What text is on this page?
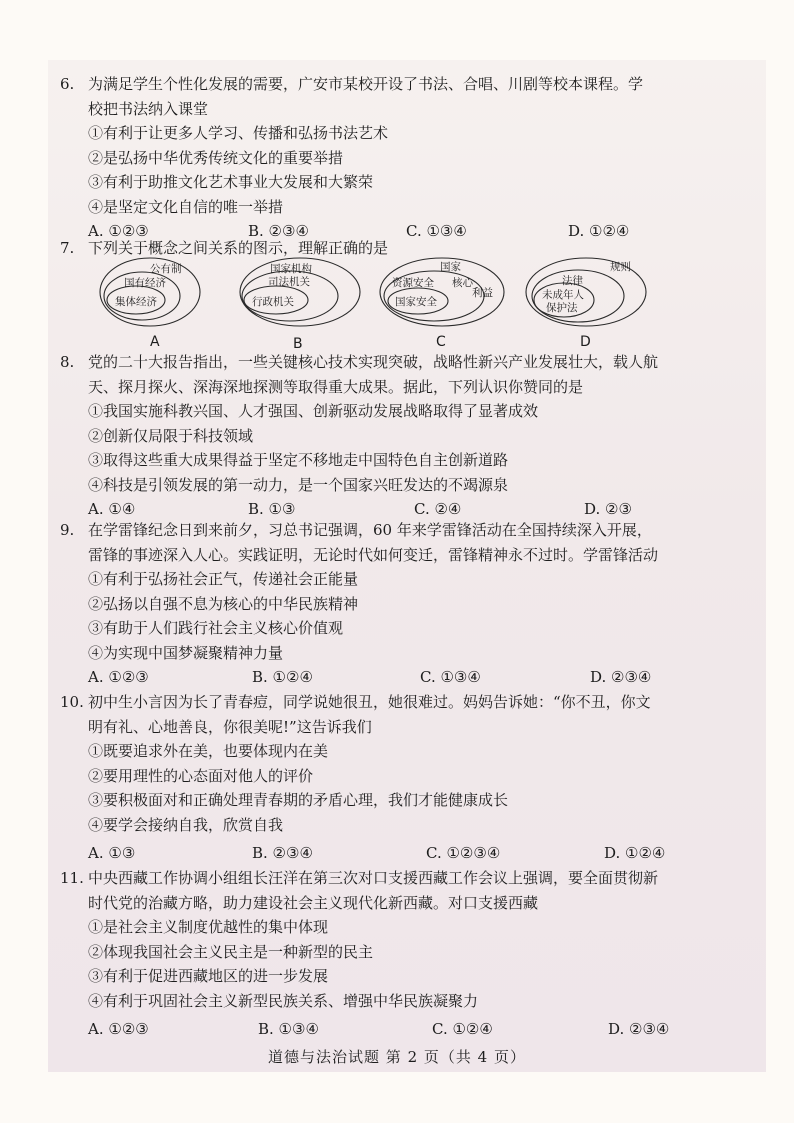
6. 为满足学生个性化发展的需要，广安市某校开设了书法、合唱、川剧等校本课程。学
校把书法纳入课堂
①有利于让更多人学习、传播和弘扬书法艺术
②是弘扬中华优秀传统文化的重要举措
③有利于助推文化艺术事业大发展和大繁荣
④是坚定文化自信的唯一举措
A. ①②③	B. ②③④	C. ①③④	D. ①②④
7. 下列关于概念之间关系的图示，理解正确的是
公有制
国有经济
集体经济
国家机构
司法机关
行政机关
国家
资源安全 核心
利益
国家安全
规则
法律
未成年人
保护法
A	B	C	D
8. 党的二十大报告指出，一些关键核心技术实现突破，战略性新兴产业发展壮大，载人航
天、探月探火、深海深地探测等取得重大成果。据此，下列认识你赞同的是
①我国实施科教兴国、人才强国、创新驱动发展战略取得了显著成效
②创新仅局限于科技领域
③取得这些重大成果得益于坚定不移地走中国特色自主创新道路
④科技是引领发展的第一动力，是一个国家兴旺发达的不竭源泉
A. ①④	B. ①③	C. ②④	D. ②③
9. 在学雷锋纪念日到来前夕，习总书记强调，60 年来学雷锋活动在全国持续深入开展，
雷锋的事迹深入人心。实践证明，无论时代如何变迁，雷锋精神永不过时。学雷锋活动
①有利于弘扬社会正气，传递社会正能量
②弘扬以自强不息为核心的中华民族精神
③有助于人们践行社会主义核心价值观
④为实现中国梦凝聚精神力量
A. ①②③	B. ①②④	C. ①③④	D. ②③④
10. 初中生小言因为长了青春痘，同学说她很丑，她很难过。妈妈告诉她：“你不丑，你文
明有礼、心地善良，你很美呢!”这告诉我们
①既要追求外在美，也要体现内在美
②要用理性的心态面对他人的评价
③要积极面对和正确处理青春期的矛盾心理，我们才能健康成长
④要学会接纳自我，欣赏自我
A. ①③	B. ②③④	C. ①②③④	D. ①②④
11. 中央西藏工作协调小组组长汪洋在第三次对口支援西藏工作会议上强调，要全面贯彻新
时代党的治藏方略，助力建设社会主义现代化新西藏。对口支援西藏
①是社会主义制度优越性的集中体现
②体现我国社会主义民主是一种新型的民主
③有利于促进西藏地区的进一步发展
④有利于巩固社会主义新型民族关系、增强中华民族凝聚力
A. ①②③	B. ①③④	C. ①②④	D. ②③④
道德与法治试题 第 2 页（共 4 页）
